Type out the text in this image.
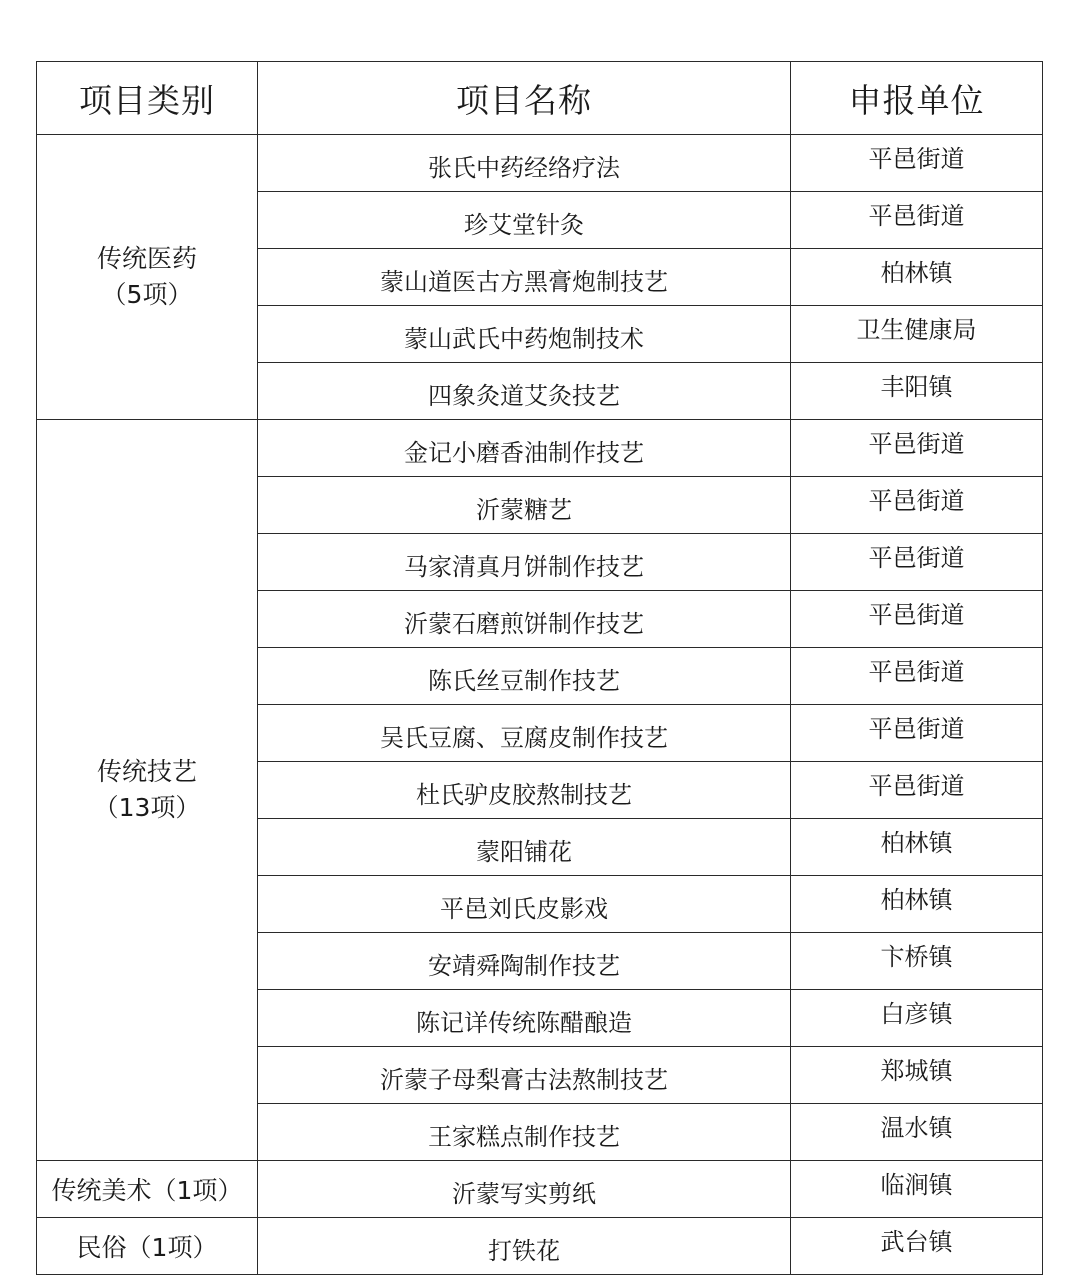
项目类别	项目名称	申报单位

传统医药
（5项）	张氏中药经络疗法	平邑街道
	珍艾堂针灸	平邑街道
	蒙山道医古方黑膏炮制技艺	柏林镇
	蒙山武氏中药炮制技术	卫生健康局
	四象灸道艾灸技艺	丰阳镇

传统技艺
（13项）	金记小磨香油制作技艺	平邑街道
	沂蒙糖艺	平邑街道
	马家清真月饼制作技艺	平邑街道
	沂蒙石磨煎饼制作技艺	平邑街道
	陈氏丝豆制作技艺	平邑街道
	吴氏豆腐、豆腐皮制作技艺	平邑街道
	杜氏驴皮胶熬制技艺	平邑街道
	蒙阳铺花	柏林镇
	平邑刘氏皮影戏	柏林镇
	安靖舜陶制作技艺	卞桥镇
	陈记详传统陈醋酿造	白彦镇
	沂蒙子母梨膏古法熬制技艺	郑城镇
	王家糕点制作技艺	温水镇
传统美术（1项）	沂蒙写实剪纸	临涧镇
民俗（1项）	打铁花	武台镇
